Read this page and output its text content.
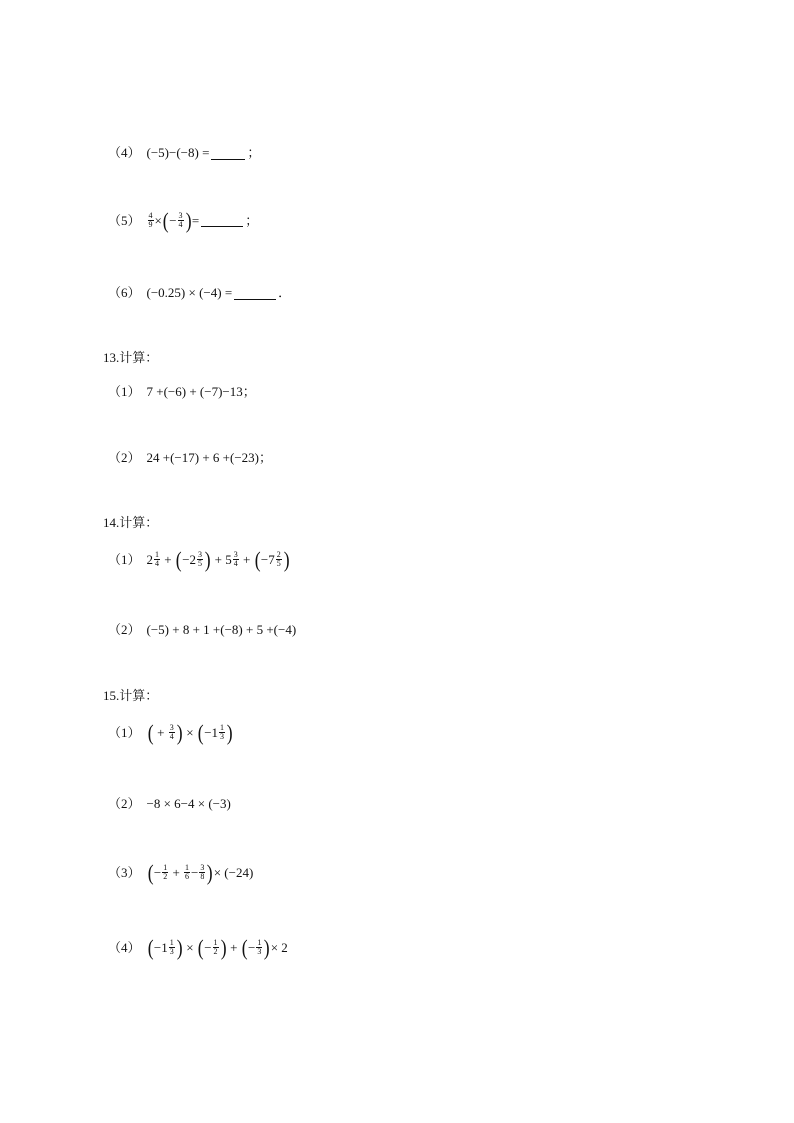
（4） (−5)−(−8) =	；
$(5) \frac{4}{9}$ × ( − $\frac{3}{4}$ ) =	；
（6） (−0.25) × (−4) =	．
13.计算：
（1） 7 +(−6) + (−7)−13；
（2） 24 +(−17) + 6 +(−23)；
14.计算：
（1） $2 \frac{1}{4}$ + ( − $2 \frac{3}{5}$ ) + $5 \frac{3}{4}$ + ( − $7 \frac{2}{5}$ )
（2） (−5) + 8 + 1 +(−8) + 5 +(−4)
15.计算：
（1） ( + $\frac{3}{4}$ ) × ( − $1 \frac{1}{3}$ )
（2） −8 × 6−4 × (−3)
（3） ( − $\frac{1}{2} + \frac{1}{6} - \frac{3}{8}$ ) × (−24)
（4） ( − $1 \frac{1}{3}$ ) × ( − $\frac{1}{2}$ ) + ( − $\frac{1}{3}$ ) × 2
